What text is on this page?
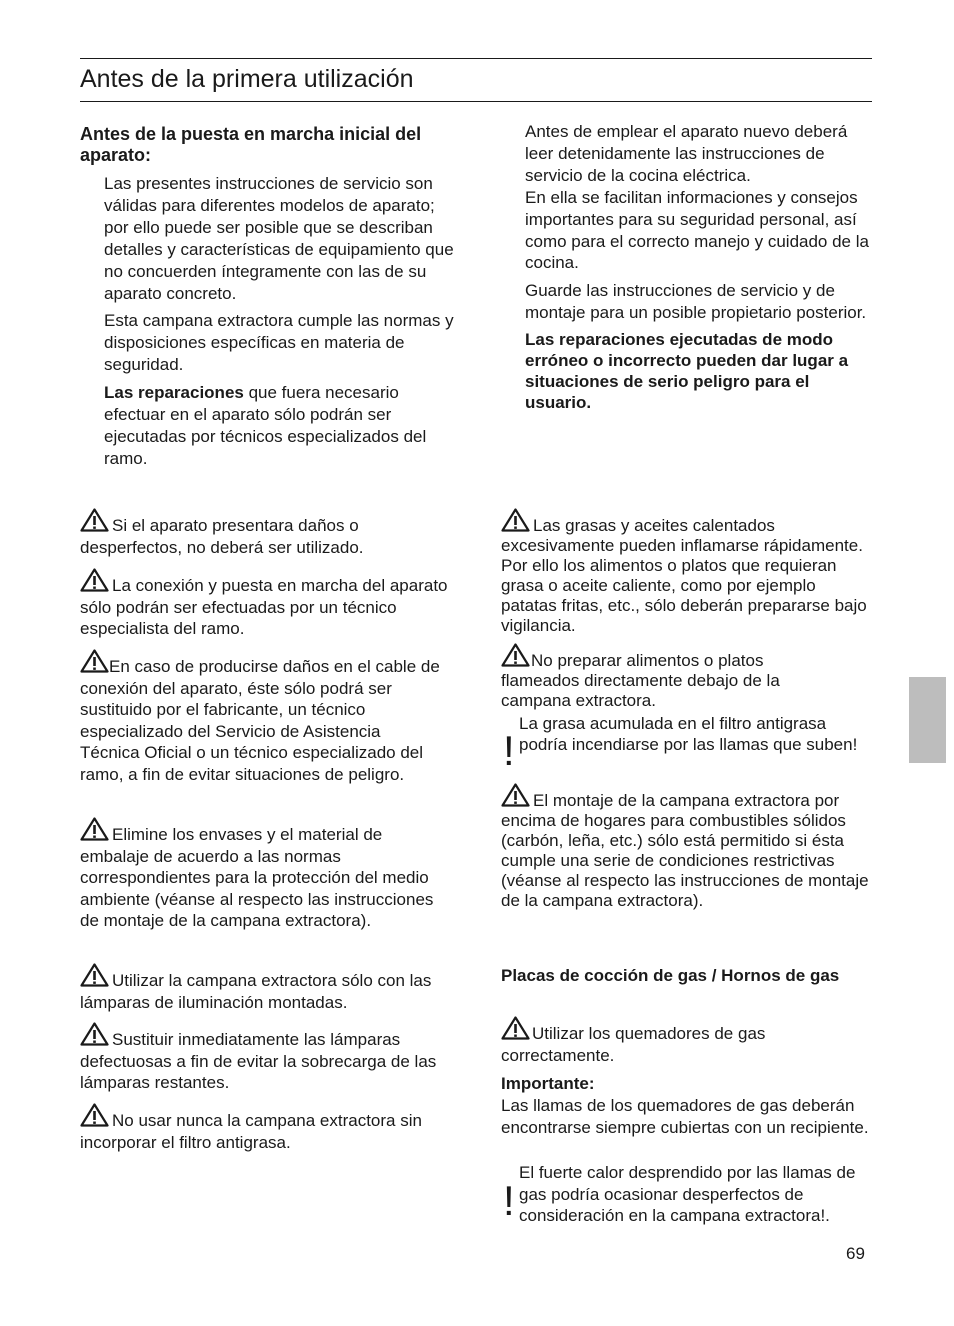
Antes de la primera utilización
Antes de la puesta en marcha inicial del aparato:

Las presentes instrucciones de servicio son válidas para diferentes modelos de aparato; por ello puede ser posible que se describan detalles y características de equipamiento que no concuerden íntegramente con las de su aparato concreto.

Esta campana extractora cumple las normas y disposiciones específicas en materia de seguridad.

Las reparaciones que fuera necesario efectuar en el aparato sólo podrán ser ejecutadas por técnicos especializados del ramo.

Si el aparato presentara daños o desperfectos, no deberá ser utilizado.
La conexión y puesta en marcha del aparato sólo podrán ser efectuadas por un técnico especialista del ramo.
En caso de producirse daños en el cable de conexión del aparato, éste sólo podrá ser sustituido por el fabricante, un técnico especializado del Servicio de Asistencia Técnica Oficial o un técnico especializado del ramo, a fin de evitar situaciones de peligro.
Elimine los envases y el material de embalaje de acuerdo a las normas correspondientes para la protección del medio ambiente (véanse al respecto las instrucciones de montaje de la campana extractora).
Utilizar la campana extractora sólo con las lámparas de iluminación montadas.
Sustituir inmediatamente las lámparas defectuosas a fin de evitar la sobrecarga de las lámparas restantes.
No usar nunca la campana extractora sin incorporar el filtro antigrasa.

Antes de emplear el aparato nuevo deberá leer detenidamente las instrucciones de servicio de la cocina eléctrica.

En ella se facilitan informaciones y consejos importantes para su seguridad personal, así como para el correcto manejo y cuidado de la cocina.

Guarde las instrucciones de servicio y de montaje para un posible propietario posterior.

Las reparaciones ejecutadas de modo erróneo o incorrecto pueden dar lugar a situaciones de serio peligro para el usuario.

Las grasas y aceites calentados excesivamente pueden inflamarse rápidamente. Por ello los alimentos o platos que requieran grasa o aceite caliente, como por ejemplo patatas fritas, etc., sólo deberán prepararse bajo vigilancia.
No preparar alimentos o platos flameados directamente debajo de la campana extractora.
!
La grasa acumulada en el filtro antigrasa podría incendiarse por las llamas que suben!
El montaje de la campana extractora por encima de hogares para combustibles sólidos (carbón, leña, etc.) sólo está permitido si ésta cumple una serie de condiciones restrictivas (véanse al respecto las instrucciones de montaje de la campana extractora).
Placas de cocción de gas / Hornos de gas
Utilizar los quemadores de gas correctamente.
Importante:
Las llamas de los quemadores de gas deberán encontrarse siempre cubiertas con un recipiente.
!
El fuerte calor desprendido por las llamas de gas podría ocasionar desperfectos de consideración en la campana extractora!.
69
